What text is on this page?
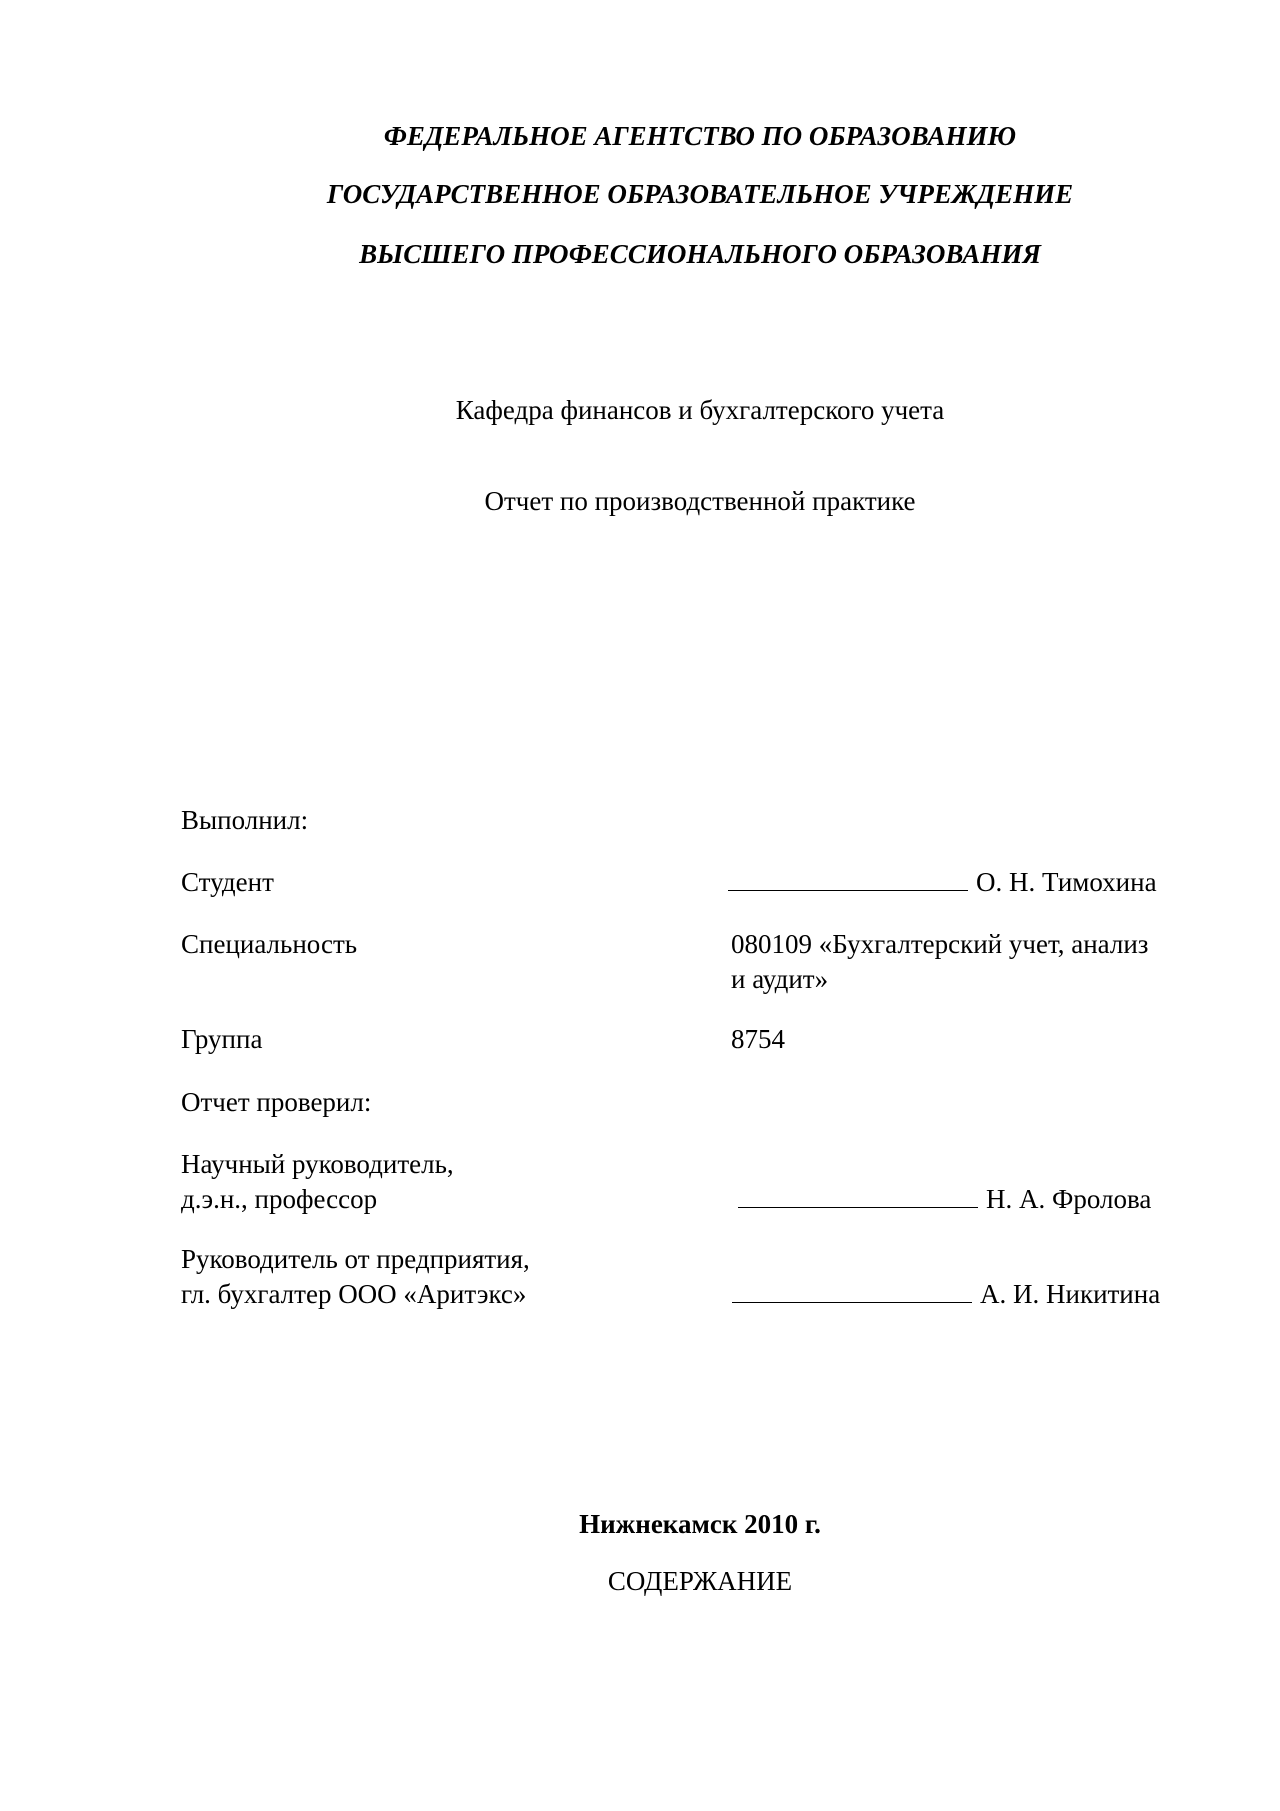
ФЕДЕРАЛЬНОЕ АГЕНТСТВО ПО ОБРАЗОВАНИЮ
ГОСУДАРСТВЕННОЕ ОБРАЗОВАТЕЛЬНОЕ УЧРЕЖДЕНИЕ
ВЫСШЕГО ПРОФЕССИОНАЛЬНОГО ОБРАЗОВАНИЯ
Кафедра финансов и бухгалтерского учета
Отчет по производственной практике
Выполнил:
Студент	О. Н. Тимохина
Специальность	080109 «Бухгалтерский учет, анализ
и аудит»
Группа	8754
Отчет проверил:
Научный руководитель,
д.э.н., профессор	Н. А. Фролова
Руководитель от предприятия,
гл. бухгалтер ООО «Аритэкс»	А. И. Никитина
Нижнекамск 2010 г.
СОДЕРЖАНИЕ
